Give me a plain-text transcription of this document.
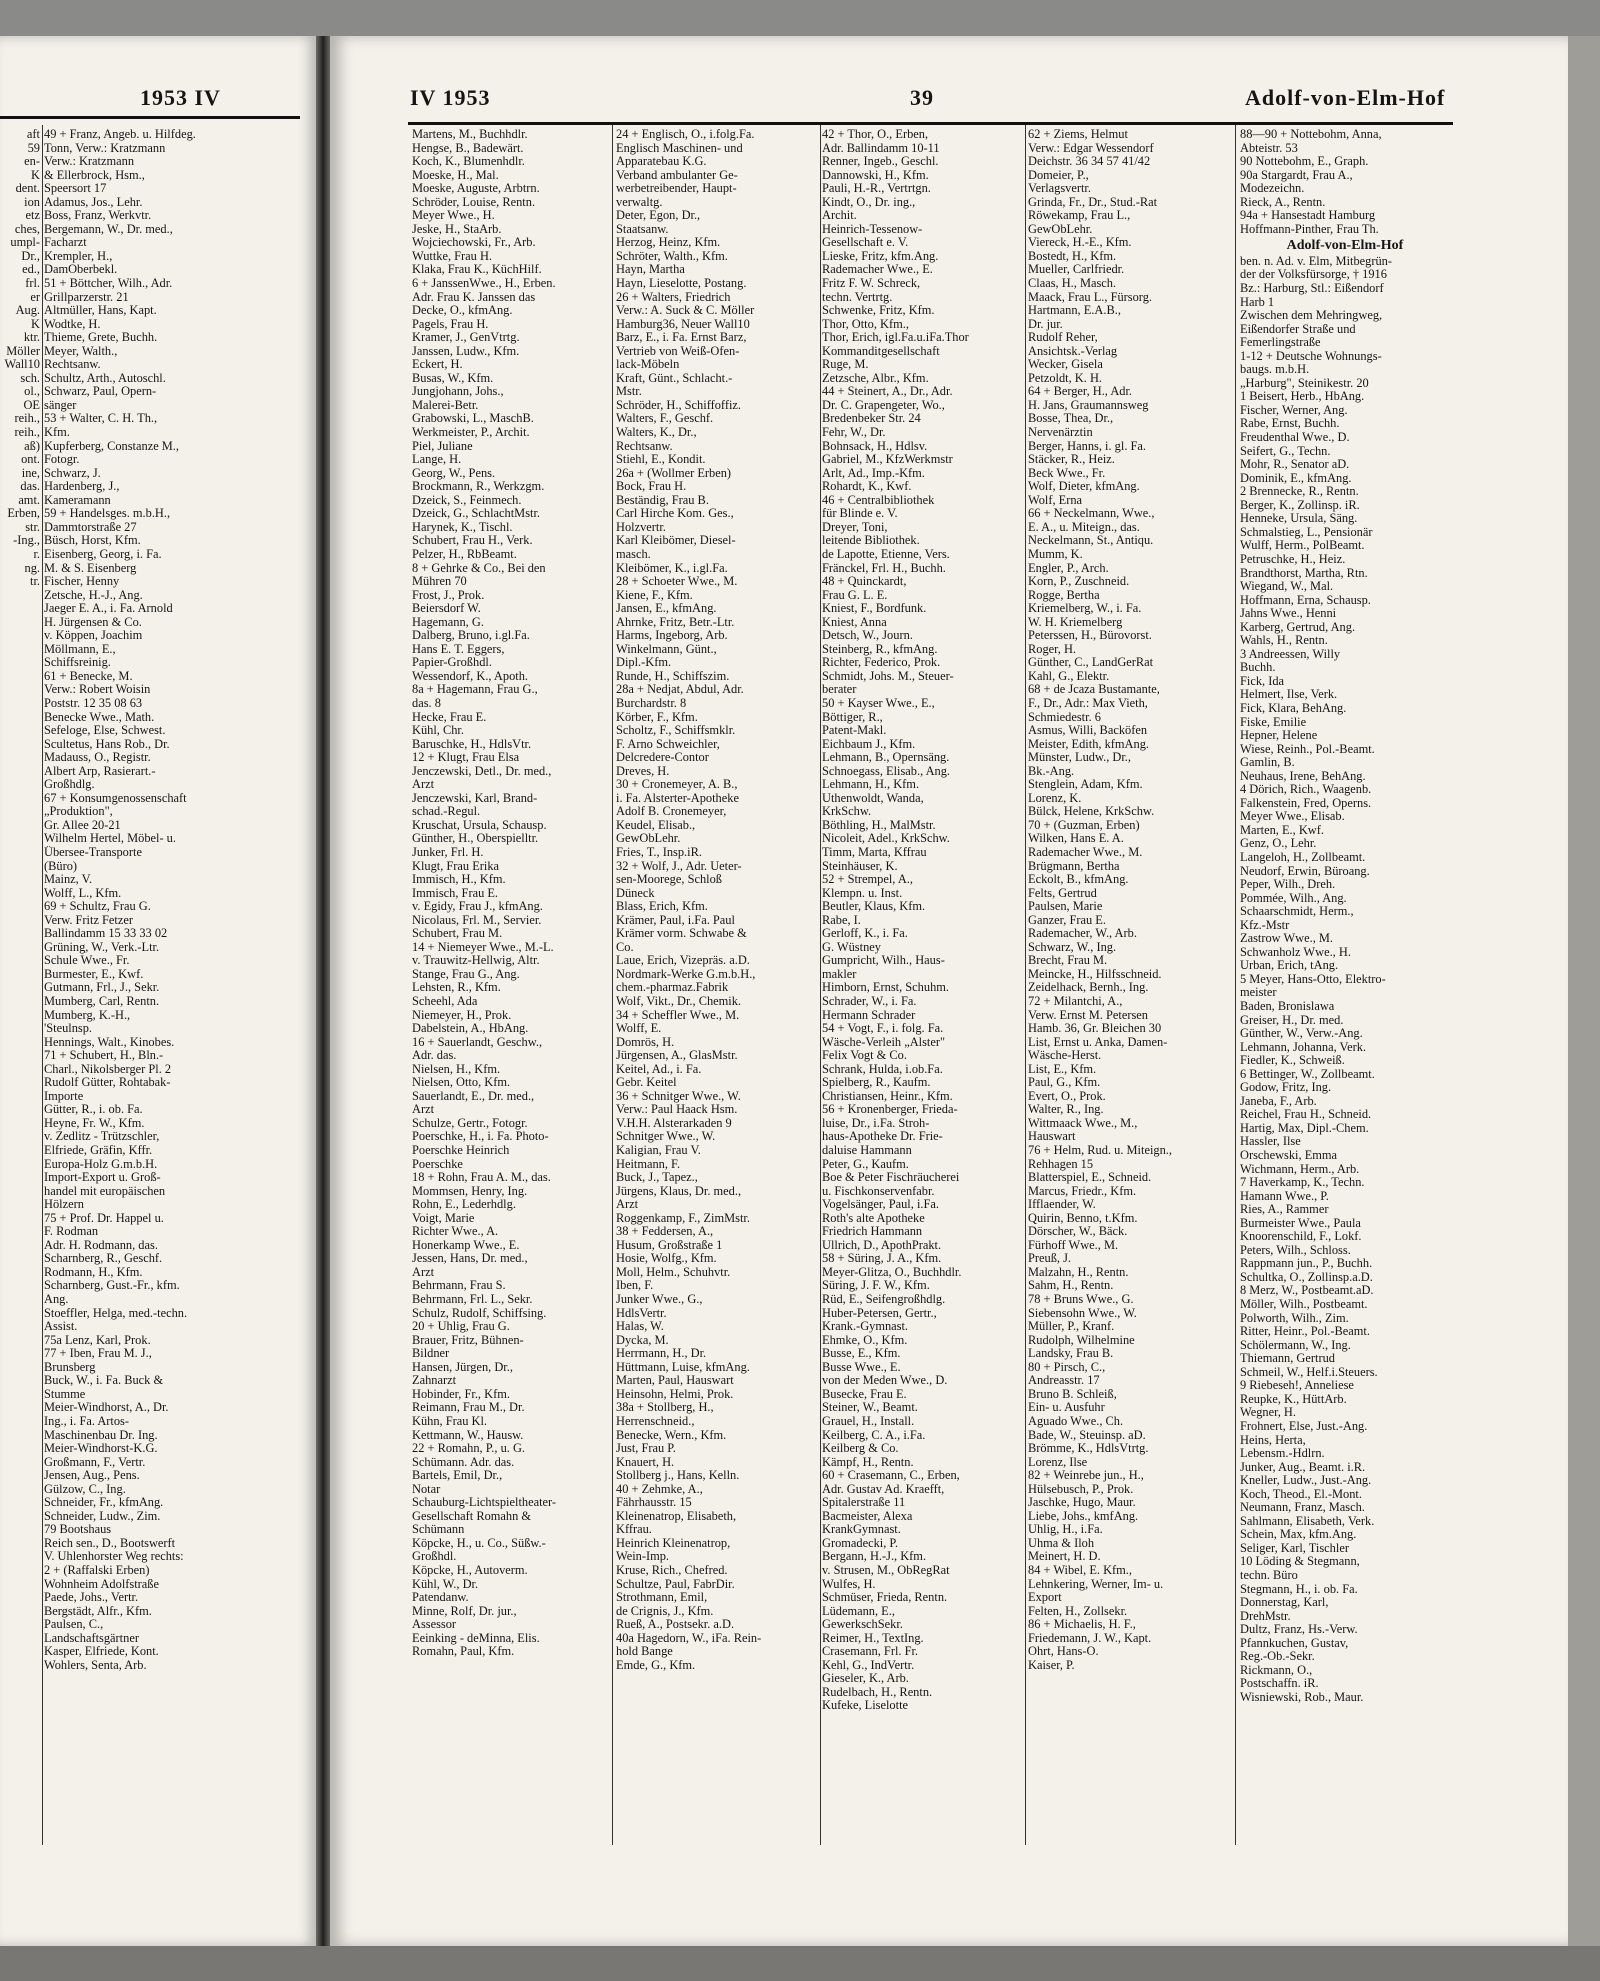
1953 IV	IV 1953	39	Adolf-von-Elm-Hof
aft
59
en-
K
dent.
ion
etz
ches,
umpl-
Dr.,
ed.,
frl.
er
Aug.
K
ktr.
Möller
Wall10
sch.
ol.,
OE
reih.,
reih.,
aß)
ont.
ine,
das.
amt.
Erben,
str.
-Ing.,
r.
ng.
tr.
49 + Franz, Angeb. u. Hilfdeg.
Tonn, Verw.: Kratzmann
Verw.: Kratzmann
& Ellerbrock, Hsm.,
Speersort 17
Adamus, Jos., Lehr.
Boss, Franz, Werkvtr.
Bergemann, W., Dr. med.,
Facharzt
Krempler, H.,
DamOberbekl.
51 + Böttcher, Wilh., Adr.
Grillparzerstr. 21
Altmüller, Hans, Kapt.
Wodtke, H.
Thieme, Grete, Buchh.
Meyer, Walth.,
Rechtsanw.
Schultz, Arth., Autoschl.
Schwarz, Paul, Opern-
sänger
53 + Walter, C. H. Th.,
Kfm.
Kupferberg, Constanze M.,
Fotogr.
Schwarz, J.
Hardenberg, J.,
Kameramann
59 + Handelsges. m.b.H.,
Dammtorstraße 27
Büsch, Horst, Kfm.
Eisenberg, Georg, i. Fa.
M. & S. Eisenberg
Fischer, Henny
Zetsche, H.-J., Ang.
Jaeger E. A., i. Fa. Arnold
H. Jürgensen & Co.
v. Köppen, Joachim
Möllmann, E.,
Schiffsreinig.
61 + Benecke, M.
Verw.: Robert Woisin
Poststr. 12 35 08 63
Benecke Wwe., Math.
Sefeloge, Else, Schwest.
Scultetus, Hans Rob., Dr.
Madauss, O., Registr.
Albert Arp, Rasierart.-
Großhdlg.
67 + Konsumgenossenschaft
„Produktion",
Gr. Allee 20-21
Wilhelm Hertel, Möbel- u.
Übersee-Transporte
(Büro)
Mainz, V.
Wolff, L., Kfm.
69 + Schultz, Frau G.
Verw. Fritz Fetzer
Ballindamm 15 33 33 02
Grüning, W., Verk.-Ltr.
Schule Wwe., Fr.
Burmester, E., Kwf.
Gutmann, Frl., J., Sekr.
Mumberg, Carl, Rentn.
Mumberg, K.-H.,
'Steulnsp.
Hennings, Walt., Kinobes.
71 + Schubert, H., Bln.-
Charl., Nikolsberger Pl. 2
Rudolf Gütter, Rohtabak-
Importe
Gütter, R., i. ob. Fa.
Heyne, Fr. W., Kfm.
v. Zedlitz - Trützschler,
Elfriede, Gräfin, Kffr.
Europa-Holz G.m.b.H.
Import-Export u. Groß-
handel mit europäischen
Hölzern
75 + Prof. Dr. Happel u.
F. Rodman
Adr. H. Rodmann, das.
Scharnberg, R., Geschf.
Rodmann, H., Kfm.
Scharnberg, Gust.-Fr., kfm.
Ang.
Stoeffler, Helga, med.-techn.
Assist.
75a Lenz, Karl, Prok.
77 + Iben, Frau M. J.,
Brunsberg
Buck, W., i. Fa. Buck &
Stumme
Meier-Windhorst, A., Dr.
Ing., i. Fa. Artos-
Maschinenbau Dr. Ing.
Meier-Windhorst-K.G.
Großmann, F., Vertr.
Jensen, Aug., Pens.
Gülzow, C., Ing.
Schneider, Fr., kfmAng.
Schneider, Ludw., Zim.
79 Bootshaus
Reich sen., D., Bootswerft
V. Uhlenhorster Weg rechts:
2 + (Raffalski Erben)
Wohnheim Adolfstraße
Paede, Johs., Vertr.
Bergstädt, Alfr., Kfm.
Paulsen, C.,
Landschaftsgärtner
Kasper, Elfriede, Kont.
Wohlers, Senta, Arb.
Martens, M., Buchhdlr.
Hengse, B., Badewärt.
Koch, K., Blumenhdlr.
Moeske, H., Mal.
Moeske, Auguste, Arbtrn.
Schröder, Louise, Rentn.
Meyer Wwe., H.
Jeske, H., StaArb.
Wojciechowski, Fr., Arb.
Wuttke, Frau H.
Klaka, Frau K., KüchHilf.
6 + JanssenWwe., H., Erben.
Adr. Frau K. Janssen das
Decke, O., kfmAng.
Pagels, Frau H.
Kramer, J., GenVtrtg.
Janssen, Ludw., Kfm.
Eckert, H.
Busas, W., Kfm.
Jungjohann, Johs.,
Malerei-Betr.
Grabowski, L., MaschB.
Werkmeister, P., Archit.
Piel, Juliane
Lange, H.
Georg, W., Pens.
Brockmann, R., Werkzgm.
Dzeick, S., Feinmech.
Dzeick, G., SchlachtMstr.
Harynek, K., Tischl.
Schubert, Frau H., Verk.
Pelzer, H., RbBeamt.
8 + Gehrke & Co., Bei den
Mühren 70
Frost, J., Prok.
Beiersdorf W.
Hagemann, G.
Dalberg, Bruno, i.gl.Fa.
Hans E. T. Eggers,
Papier-Großhdl.
Wessendorf, K., Apoth.
8a + Hagemann, Frau G.,
das. 8
Hecke, Frau E.
Kühl, Chr.
Baruschke, H., HdlsVtr.
12 + Klugt, Frau Elsa
Jenczewski, Detl., Dr. med.,
Arzt
Jenczewski, Karl, Brand-
schad.-Regul.
Kruschat, Ursula, Schausp.
Günther, H., Oberspielltr.
Junker, Frl. H.
Klugt, Frau Erika
Immisch, H., Kfm.
Immisch, Frau E.
v. Egidy, Frau J., kfmAng.
Nicolaus, Frl. M., Servier.
Schubert, Frau M.
14 + Niemeyer Wwe., M.-L.
v. Trauwitz-Hellwig, Altr.
Stange, Frau G., Ang.
Lehsten, R., Kfm.
Scheehl, Ada
Niemeyer, H., Prok.
Dabelstein, A., HbAng.
16 + Sauerlandt, Geschw.,
Adr. das.
Nielsen, H., Kfm.
Nielsen, Otto, Kfm.
Sauerlandt, E., Dr. med.,
Arzt
Schulze, Gertr., Fotogr.
Poerschke, H., i. Fa. Photo-
Poerschke Heinrich
Poerschke
18 + Rohn, Frau A. M., das.
Mommsen, Henry, Ing.
Rohn, E., Lederhdlg.
Voigt, Marie
Richter Wwe., A.
Honerkamp Wwe., E.
Jessen, Hans, Dr. med.,
Arzt
Behrmann, Frau S.
Behrmann, Frl. L., Sekr.
Schulz, Rudolf, Schiffsing.
20 + Uhlig, Frau G.
Brauer, Fritz, Bühnen-
Bildner
Hansen, Jürgen, Dr.,
Zahnarzt
Hobinder, Fr., Kfm.
Reimann, Frau M., Dr.
Kühn, Frau Kl.
Kettmann, W., Hausw.
22 + Romahn, P., u. G.
Schümann. Adr. das.
Bartels, Emil, Dr.,
Notar
Schauburg-Lichtspieltheater-
Gesellschaft Romahn &
Schümann
Köpcke, H., u. Co., Süßw.-
Großhdl.
Köpcke, H., Autoverm.
Kühl, W., Dr.
Patendanw.
Minne, Rolf, Dr. jur.,
Assessor
Eeinking - deMinna, Elis.
Romahn, Paul, Kfm.
24 + Englisch, O., i.folg.Fa.
Englisch Maschinen- und
Apparatebau K.G.
Verband ambulanter Ge-
werbetreibender, Haupt-
verwaltg.
Deter, Egon, Dr.,
Staatsanw.
Herzog, Heinz, Kfm.
Schröter, Walth., Kfm.
Hayn, Martha
Hayn, Lieselotte, Postang.
26 + Walters, Friedrich
Verw.: A. Suck & C. Möller
Hamburg36, Neuer Wall10
Barz, E., i. Fa. Ernst Barz,
Vertrieb von Weiß-Ofen-
lack-Möbeln
Kraft, Günt., Schlacht.-
Mstr.
Schröder, H., Schiffoffiz.
Walters, F., Geschf.
Walters, K., Dr.,
Rechtsanw.
Stiehl, E., Kondit.
26a + (Wollmer Erben)
Bock, Frau H.
Beständig, Frau B.
Carl Hirche Kom. Ges.,
Holzvertr.
Karl Kleibömer, Diesel-
masch.
Kleibömer, K., i.gl.Fa.
28 + Schoeter Wwe., M.
Kiene, F., Kfm.
Jansen, E., kfmAng.
Ahrnke, Fritz, Betr.-Ltr.
Harms, Ingeborg, Arb.
Winkelmann, Günt.,
Dipl.-Kfm.
Runde, H., Schiffszim.
28a + Nedjat, Abdul, Adr.
Burchardstr. 8
Körber, F., Kfm.
Scholtz, F., Schiffsmklr.
F. Arno Schweichler,
Delcredere-Contor
Dreves, H.
30 + Cronemeyer, A. B.,
i. Fa. Alsterter-Apotheke
Adolf B. Cronemeyer,
Keudel, Elisab.,
GewObLehr.
Fries, T., Insp.iR.
32 + Wolf, J., Adr. Ueter-
sen-Moorege, Schloß
Düneck
Blass, Erich, Kfm.
Krämer, Paul, i.Fa. Paul
Krämer vorm. Schwabe &
Co.
Laue, Erich, Vizepräs. a.D.
Nordmark-Werke G.m.b.H.,
chem.-pharmaz.Fabrik
Wolf, Vikt., Dr., Chemik.
34 + Scheffler Wwe., M.
Wolff, E.
Domrös, H.
Jürgensen, A., GlasMstr.
Keitel, Ad., i. Fa.
Gebr. Keitel
36 + Schnitger Wwe., W.
Verw.: Paul Haack Hsm.
V.H.H. Alsterarkaden 9
Schnitger Wwe., W.
Kaligian, Frau V.
Heitmann, F.
Buck, J., Tapez.,
Jürgens, Klaus, Dr. med.,
Arzt
Roggenkamp, F., ZimMstr.
38 + Feddersen, A.,
Husum, Großstraße 1
Hosie, Wolfg., Kfm.
Moll, Helm., Schuhvtr.
Iben, F.
Junker Wwe., G.,
HdlsVertr.
Halas, W.
Dycka, M.
Herrmann, H., Dr.
Hüttmann, Luise, kfmAng.
Marten, Paul, Hauswart
Heinsohn, Helmi, Prok.
38a + Stollberg, H.,
Herrenschneid.,
Benecke, Wern., Kfm.
Just, Frau P.
Knauert, H.
Stollberg j., Hans, Kelln.
40 + Zehmke, A.,
Fährhausstr. 15
Kleinenatrop, Elisabeth,
Kffrau.
Heinrich Kleinenatrop,
Wein-Imp.
Kruse, Rich., Chefred.
Schultze, Paul, FabrDir.
Strothmann, Emil,
de Crignis, J., Kfm.
Rueß, A., Postsekr. a.D.
40a Hagedorn, W., iFa. Rein-
hold Bange
Emde, G., Kfm.
42 + Thor, O., Erben,
Adr. Ballindamm 10-11
Renner, Ingeb., Geschl.
Dannowski, H., Kfm.
Pauli, H.-R., Vertrtgn.
Kindt, O., Dr. ing.,
Archit.
Heinrich-Tessenow-
Gesellschaft e. V.
Lieske, Fritz, kfm.Ang.
Rademacher Wwe., E.
Fritz F. W. Schreck,
techn. Vertrtg.
Schwenke, Fritz, Kfm.
Thor, Otto, Kfm.,
Thor, Erich, igl.Fa.u.iFa.Thor
Kommanditgesellschaft
Ruge, M.
Zetzsche, Albr., Kfm.
44 + Steinert, A., Dr., Adr.
Dr. C. Grapengeter, Wo.,
Bredenbeker Str. 24
Fehr, W., Dr.
Bohnsack, H., Hdlsv.
Gabriel, M., KfzWerkmstr
Arlt, Ad., Imp.-Kfm.
Rohardt, K., Kwf.
46 + Centralbibliothek
für Blinde e. V.
Dreyer, Toni,
leitende Bibliothek.
de Lapotte, Etienne, Vers.
Fränckel, Frl. H., Buchh.
48 + Quinckardt,
Frau G. L. E.
Kniest, F., Bordfunk.
Kniest, Anna
Detsch, W., Journ.
Steinberg, R., kfmAng.
Richter, Federico, Prok.
Schmidt, Johs. M., Steuer-
berater
50 + Kayser Wwe., E.,
Böttiger, R.,
Patent-Makl.
Eichbaum J., Kfm.
Lehmann, B., Opernsäng.
Schnoegass, Elisab., Ang.
Lehmann, H., Kfm.
Uthenwoldt, Wanda,
KrkSchw.
Böthling, H., MalMstr.
Nicoleit, Adel., KrkSchw.
Timm, Marta, Kffrau
Steinhäuser, K.
52 + Strempel, A.,
Klempn. u. Inst.
Beutler, Klaus, Kfm.
Rabe, I.
Gerloff, K., i. Fa.
G. Wüstney
Gumpricht, Wilh., Haus-
makler
Himborn, Ernst, Schuhm.
Schrader, W., i. Fa.
Hermann Schrader
54 + Vogt, F., i. folg. Fa.
Wäsche-Verleih „Alster"
Felix Vogt & Co.
Schrank, Hulda, i.ob.Fa.
Spielberg, R., Kaufm.
Christiansen, Heinr., Kfm.
56 + Kronenberger, Frieda-
luise, Dr., i.Fa. Stroh-
haus-Apotheke Dr. Frie-
daluise Hammann
Peter, G., Kaufm.
Boe & Peter Fischräucherei
u. Fischkonservenfabr.
Vogelsänger, Paul, i.Fa.
Roth's alte Apotheke
Friedrich Hammann
Ullrich, D., ApothPrakt.
58 + Süring, J. A., Kfm.
Meyer-Glitza, O., Buchhdlr.
Süring, J. F. W., Kfm.
Rüd, E., Seifengroßhdlg.
Huber-Petersen, Gertr.,
Krank.-Gymnast.
Ehmke, O., Kfm.
Busse, E., Kfm.
Busse Wwe., E.
von der Meden Wwe., D.
Busecke, Frau E.
Steiner, W., Beamt.
Grauel, H., Install.
Keilberg, C. A., i.Fa.
Keilberg & Co.
Kämpf, H., Rentn.
60 + Crasemann, C., Erben,
Adr. Gustav Ad. Kraefft,
Spitalerstraße 11
Bacmeister, Alexa
KrankGymnast.
Gromadecki, P.
Bergann, H.-J., Kfm.
v. Strusen, M., ObRegRat
Wulfes, H.
Schmüser, Frieda, Rentn.
Lüdemann, E.,
GewerkschSekr.
Reimer, H., TextIng.
Crasemann, Frl. Fr.
Kehl, G., IndVertr.
Gieseler, K., Arb.
Rudelbach, H., Rentn.
Kufeke, Liselotte
62 + Ziems, Helmut
Verw.: Edgar Wessendorf
Deichstr. 36 34 57 41/42
Domeier, P.,
Verlagsvertr.
Grinda, Fr., Dr., Stud.-Rat
Röwekamp, Frau L.,
GewObLehr.
Viereck, H.-E., Kfm.
Bostedt, H., Kfm.
Mueller, Carlfriedr.
Claas, H., Masch.
Maack, Frau L., Fürsorg.
Hartmann, E.A.B.,
Dr. jur.
Rudolf Reher,
Ansichtsk.-Verlag
Wecker, Gisela
Petzoldt, K. H.
64 + Berger, H., Adr.
H. Jans, Graumannsweg
Bosse, Thea, Dr.,
Nervenärztin
Berger, Hanns, i. gl. Fa.
Stäcker, R., Heiz.
Beck Wwe., Fr.
Wolf, Dieter, kfmAng.
Wolf, Erna
66 + Neckelmann, Wwe.,
E. A., u. Miteign., das.
Neckelmann, St., Antiqu.
Mumm, K.
Engler, P., Arch.
Korn, P., Zuschneid.
Rogge, Bertha
Kriemelberg, W., i. Fa.
W. H. Kriemelberg
Peterssen, H., Bürovorst.
Roger, H.
Günther, C., LandGerRat
Kahl, G., Elektr.
68 + de Jcaza Bustamante,
F., Dr., Adr.: Max Vieth,
Schmiedestr. 6
Asmus, Willi, Backöfen
Meister, Edith, kfmAng.
Münster, Ludw., Dr.,
Bk.-Ang.
Stenglein, Adam, Kfm.
Lorenz, K.
Bülck, Helene, KrkSchw.
70 + (Guzman, Erben)
Wilken, Hans E. A.
Rademacher Wwe., M.
Brügmann, Bertha
Eckolt, B., kfmAng.
Felts, Gertrud
Paulsen, Marie
Ganzer, Frau E.
Rademacher, W., Arb.
Schwarz, W., Ing.
Brecht, Frau M.
Meincke, H., Hilfsschneid.
Zeidelhack, Bernh., Ing.
72 + Milantchi, A.,
Verw. Ernst M. Petersen
Hamb. 36, Gr. Bleichen 30
List, Ernst u. Anka, Damen-
Wäsche-Herst.
List, E., Kfm.
Paul, G., Kfm.
Evert, O., Prok.
Walter, R., Ing.
Wittmaack Wwe., M.,
Hauswart
76 + Helm, Rud. u. Miteign.,
Rehhagen 15
Blatterspiel, E., Schneid.
Marcus, Friedr., Kfm.
Ifflaender, W.
Quirin, Benno, t.Kfm.
Dörscher, W., Bäck.
Fürhoff Wwe., M.
Preuß, J.
Malzahn, H., Rentn.
Sahm, H., Rentn.
78 + Bruns Wwe., G.
Siebensohn Wwe., W.
Müller, P., Kranf.
Rudolph, Wilhelmine
Landsky, Frau B.
80 + Pirsch, C.,
Andreasstr. 17
Bruno B. Schleiß,
Ein- u. Ausfuhr
Aguado Wwe., Ch.
Bade, W., Steuinsp. aD.
Brömme, K., HdlsVtrtg.
Lorenz, Ilse
82 + Weinrebe jun., H.,
Hülsebusch, P., Prok.
Jaschke, Hugo, Maur.
Liebe, Johs., kmfAng.
Uhlig, H., i.Fa.
Uhma & Iloh
Meinert, H. D.
84 + Wibel, E. Kfm.,
Lehnkering, Werner, Im- u.
Export
Felten, H., Zollsekr.
86 + Michaelis, H. F.,
Friedemann, J. W., Kapt.
Ohrt, Hans-O.
Kaiser, P.
88—90 + Nottebohm, Anna,
Abteistr. 53
90 Nottebohm, E., Graph.
90a Stargardt, Frau A.,
Modezeichn.
Rieck, A., Rentn.
94a + Hansestadt Hamburg
Hoffmann-Pinther, Frau Th.
Adolf-von-Elm-Hof
ben. n. Ad. v. Elm, Mitbegrün-
der der Volksfürsorge, † 1916
Bz.: Harburg, Stl.: Eißendorf
Harb 1
Zwischen dem Mehringweg,
Eißendorfer Straße und
Femerlingstraße
1-12 + Deutsche Wohnungs-
baugs. m.b.H.
„Harburg", Steinikestr. 20
1 Beisert, Herb., HbAng.
Fischer, Werner, Ang.
Rabe, Ernst, Buchh.
Freudenthal Wwe., D.
Seifert, G., Techn.
Mohr, R., Senator aD.
Dominik, E., kfmAng.
2 Brennecke, R., Rentn.
Berger, K., Zollinsp. iR.
Henneke, Ursula, Säng.
Schmalstieg, L., Pensionär
Wulff, Herm., PolBeamt.
Petruschke, H., Heiz.
Brandthorst, Martha, Rtn.
Wiegand, W., Mal.
Hoffmann, Erna, Schausp.
Jahns Wwe., Henni
Karberg, Gertrud, Ang.
Wahls, H., Rentn.
3 Andreessen, Willy
Buchh.
Fick, Ida
Helmert, Ilse, Verk.
Fick, Klara, BehAng.
Fiske, Emilie
Hepner, Helene
Wiese, Reinh., Pol.-Beamt.
Gamlin, B.
Neuhaus, Irene, BehAng.
4 Dörich, Rich., Waagenb.
Falkenstein, Fred, Operns.
Meyer Wwe., Elisab.
Marten, E., Kwf.
Genz, O., Lehr.
Langeloh, H., Zollbeamt.
Neudorf, Erwin, Büroang.
Peper, Wilh., Dreh.
Pommée, Wilh., Ang.
Schaarschmidt, Herm.,
Kfz.-Mstr
Zastrow Wwe., M.
Schwanholz Wwe., H.
Urban, Erich, tAng.
5 Meyer, Hans-Otto, Elektro-
meister
Baden, Bronislawa
Greiser, H., Dr. med.
Günther, W., Verw.-Ang.
Lehmann, Johanna, Verk.
Fiedler, K., Schweiß.
6 Bettinger, W., Zollbeamt.
Godow, Fritz, Ing.
Janeba, F., Arb.
Reichel, Frau H., Schneid.
Hartig, Max, Dipl.-Chem.
Hassler, Ilse
Orschewski, Emma
Wichmann, Herm., Arb.
7 Haverkamp, K., Techn.
Hamann Wwe., P.
Ries, A., Rammer
Burmeister Wwe., Paula
Knoorenschild, F., Lokf.
Peters, Wilh., Schloss.
Rappmann jun., P., Buchh.
Schultka, O., Zollinsp.a.D.
8 Merz, W., Postbeamt.aD.
Möller, Wilh., Postbeamt.
Polworth, Wilh., Zim.
Ritter, Heinr., Pol.-Beamt.
Schölermann, W., Ing.
Thiemann, Gertrud
Schmeil, W., Helf.i.Steuers.
9 Riebeseh!, Anneliese
Reupke, K., HüttArb.
Wegner, H.
Frohnert, Else, Just.-Ang.
Heins, Herta,
Lebensm.-Hdlrn.
Junker, Aug., Beamt. i.R.
Kneller, Ludw., Just.-Ang.
Koch, Theod., El.-Mont.
Neumann, Franz, Masch.
Sahlmann, Elisabeth, Verk.
Schein, Max, kfm.Ang.
Seliger, Karl, Tischler
10 Löding & Stegmann,
techn. Büro
Stegmann, H., i. ob. Fa.
Donnerstag, Karl,
DrehMstr.
Dultz, Franz, Hs.-Verw.
Pfannkuchen, Gustav,
Reg.-Ob.-Sekr.
Rickmann, O.,
Postschaffn. iR.
Wisniewski, Rob., Maur.
